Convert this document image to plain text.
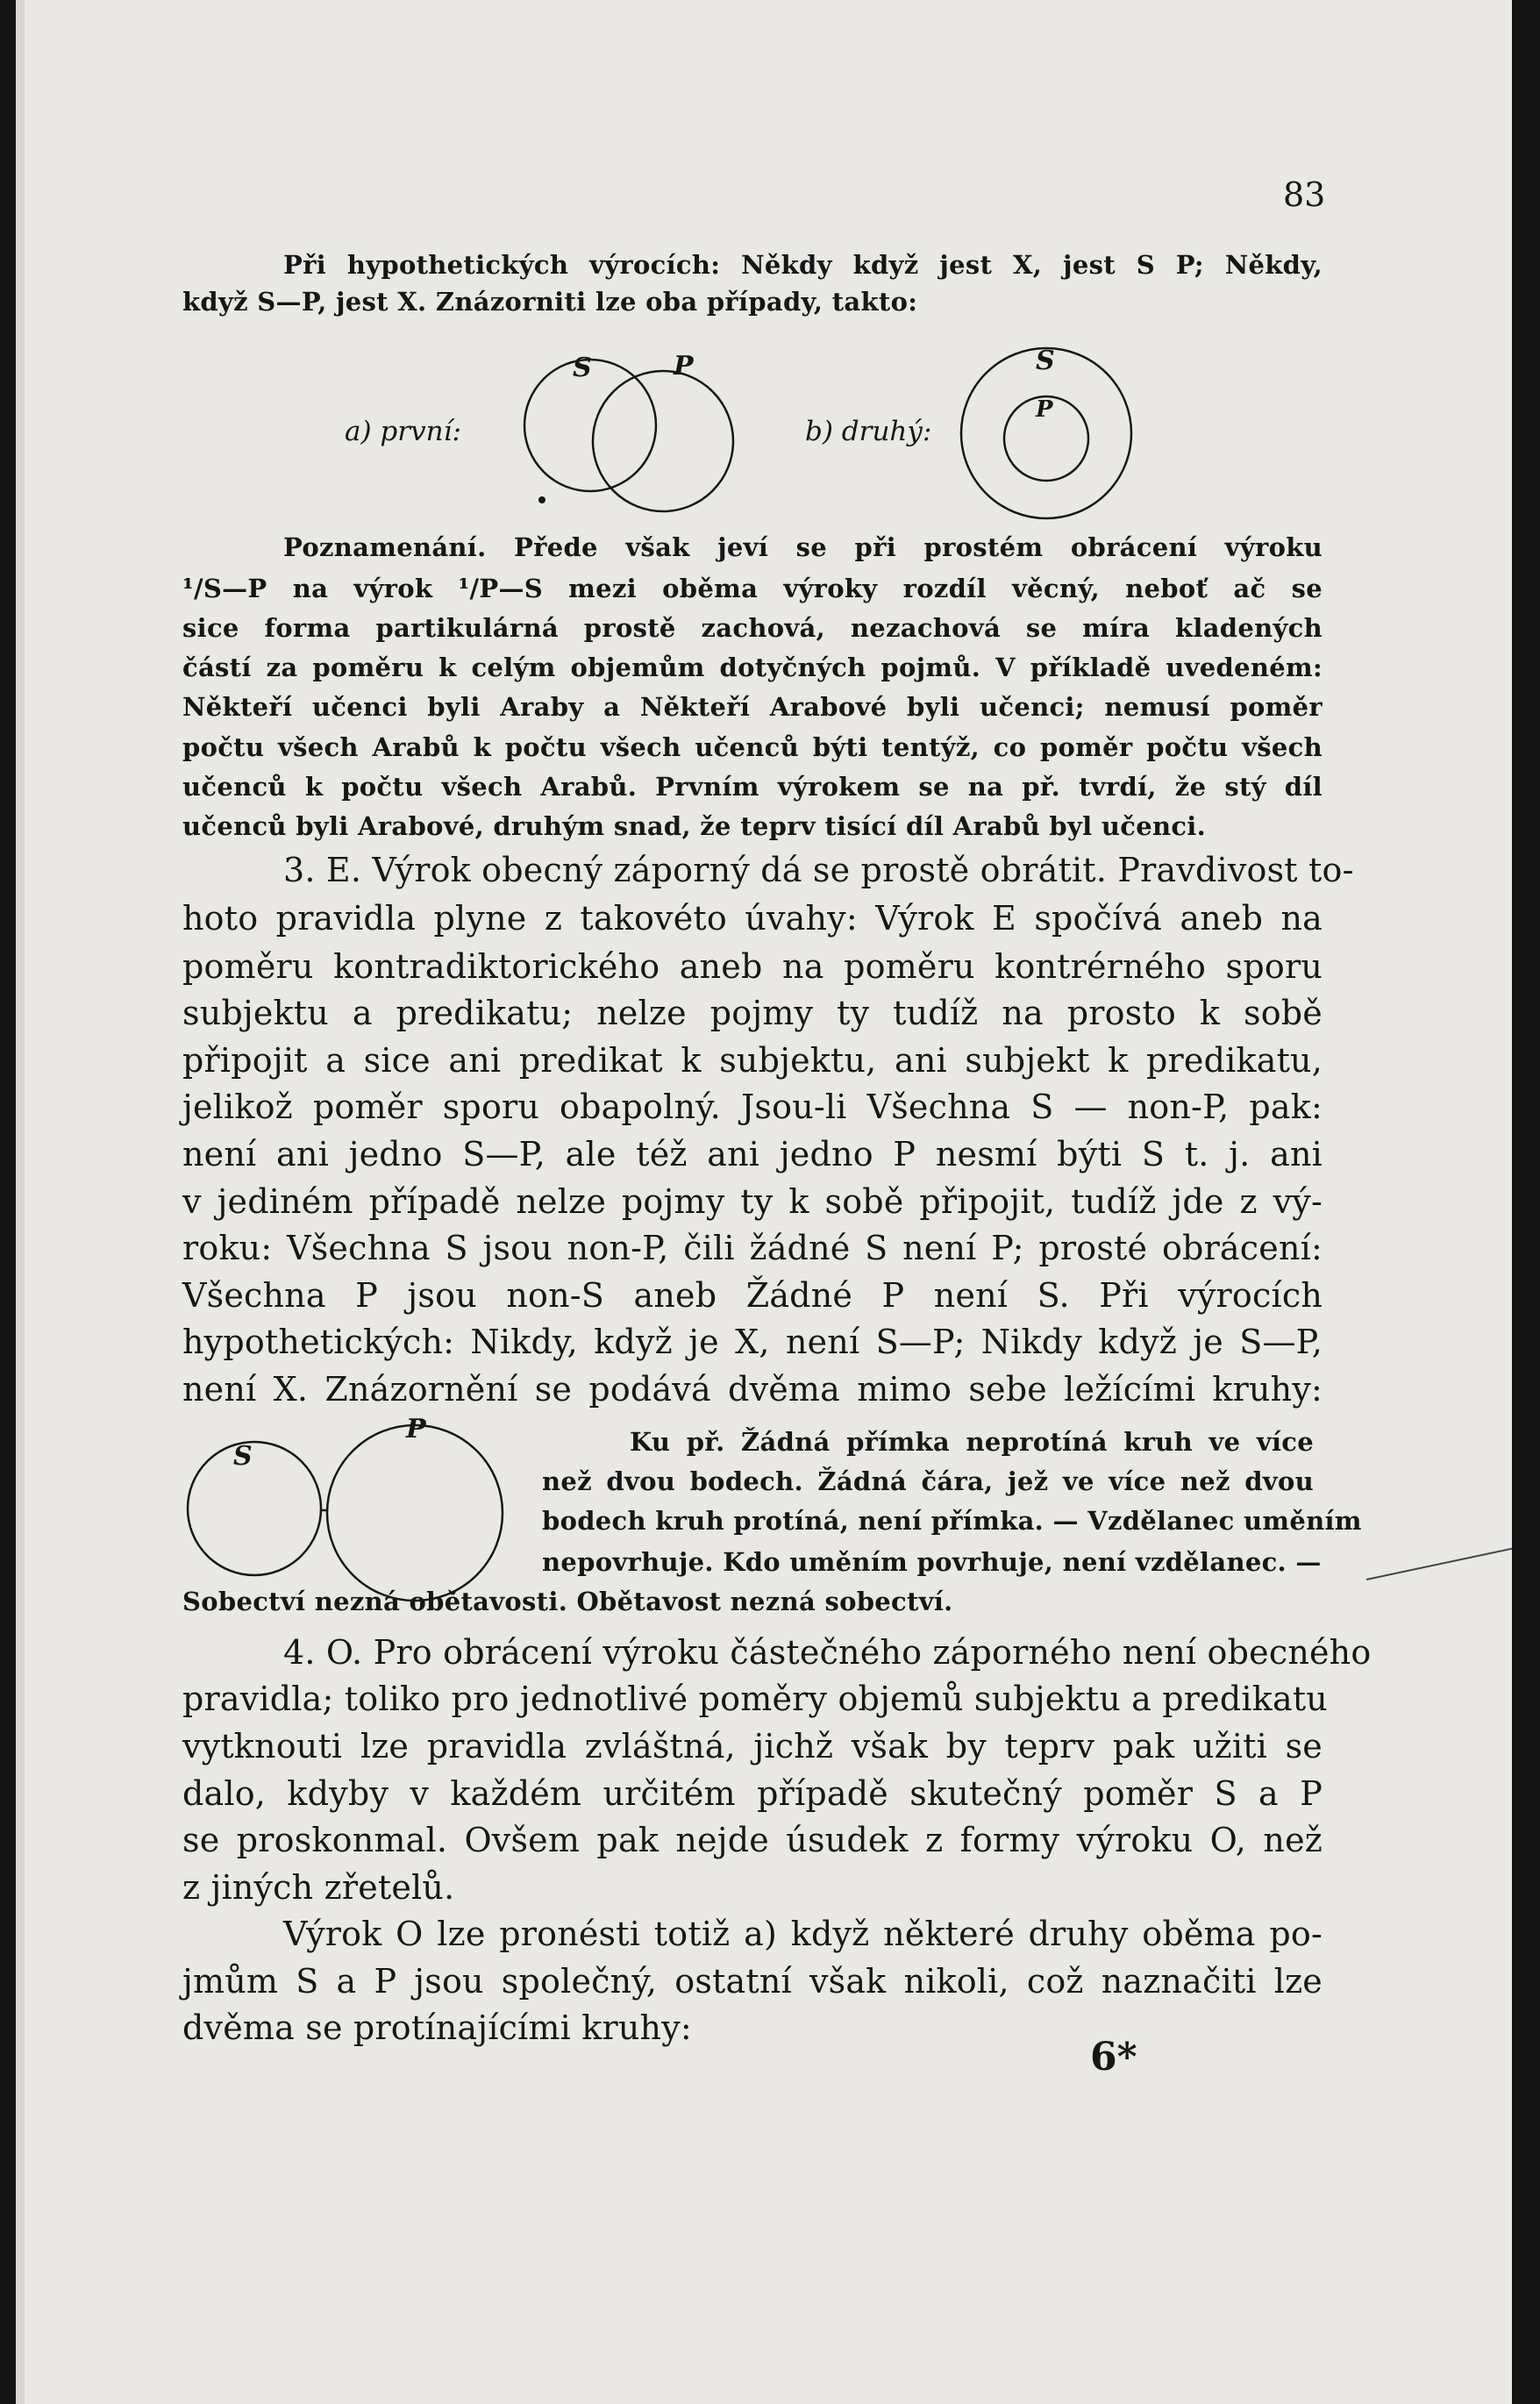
83
Při hypothetických výrocích: Někdy když jest X, jest S P; Někdy,
když S—P, jest X. Znázorniti lze oba případy, takto:
a) první:
S	P
b) druhý:
S
P
Poznamenání. Přede však jeví se při prostém obrácení výroku
¹/S—P na výrok ¹/P—S mezi oběma výroky rozdíl věcný, neboť ač se
sice forma partikulárná prostě zachová, nezachová se míra kladených
částí za poměru k celým objemům dotyčných pojmů. V příkladě uvedeném:
Někteří učenci byli Araby a Někteří Arabové byli učenci; nemusí poměr
počtu všech Arabů k počtu všech učenců býti tentýž, co poměr počtu všech
učenců k počtu všech Arabů. Prvním výrokem se na př. tvrdí, že stý díl
učenců byli Arabové, druhým snad, že teprv tisící díl Arabů byl učenci.
3. E. Výrok obecný záporný dá se prostě obrátit. Pravdivost to-
hoto pravidla plyne z takovéto úvahy: Výrok E spočívá aneb na
poměru kontradiktorického aneb na poměru kontrérného sporu
subjektu a predikatu; nelze pojmy ty tudíž na prosto k sobě
připojit a sice ani predikat k subjektu, ani subjekt k predikatu,
jelikož poměr sporu obapolný. Jsou-li Všechna S — non-P, pak:
není ani jedno S—P, ale též ani jedno P nesmí býti S t. j. ani
v jediném případě nelze pojmy ty k sobě připojit, tudíž jde z vý-
roku: Všechna S jsou non-P, čili žádné S není P; prosté obrácení:
Všechna P jsou non-S aneb Žádné P není S. Při výrocích
hypothetických: Nikdy, když je X, není S—P; Nikdy když je S—P,
není X. Znázornění se podává dvěma mimo sebe ležícími kruhy:
S
P	Ku př. Žádná přímka neprotíná kruh ve více
než dvou bodech. Žádná čára, jež ve více než dvou
bodech kruh protíná, není přímka. — Vzdělanec uměním
nepovrhuje. Kdo uměním povrhuje, není vzdělanec. —
Sobectví nezná obětavosti. Obětavost nezná sobectví.
4. O. Pro obrácení výroku částečného záporného není obecného
pravidla; toliko pro jednotlivé poměry objemů subjektu a predikatu
vytknouti lze pravidla zvláštná, jichž však by teprv pak užiti se
dalo, kdyby v každém určitém případě skutečný poměr S a P
se proskonmal. Ovšem pak nejde úsudek z formy výroku O, než
z jiných zřetelů.
Výrok O lze pronésti totiž a) když některé druhy oběma po-
jmům S a P jsou společný, ostatní však nikoli, což naznačiti lze
dvěma se protínajícími kruhy:
6*
